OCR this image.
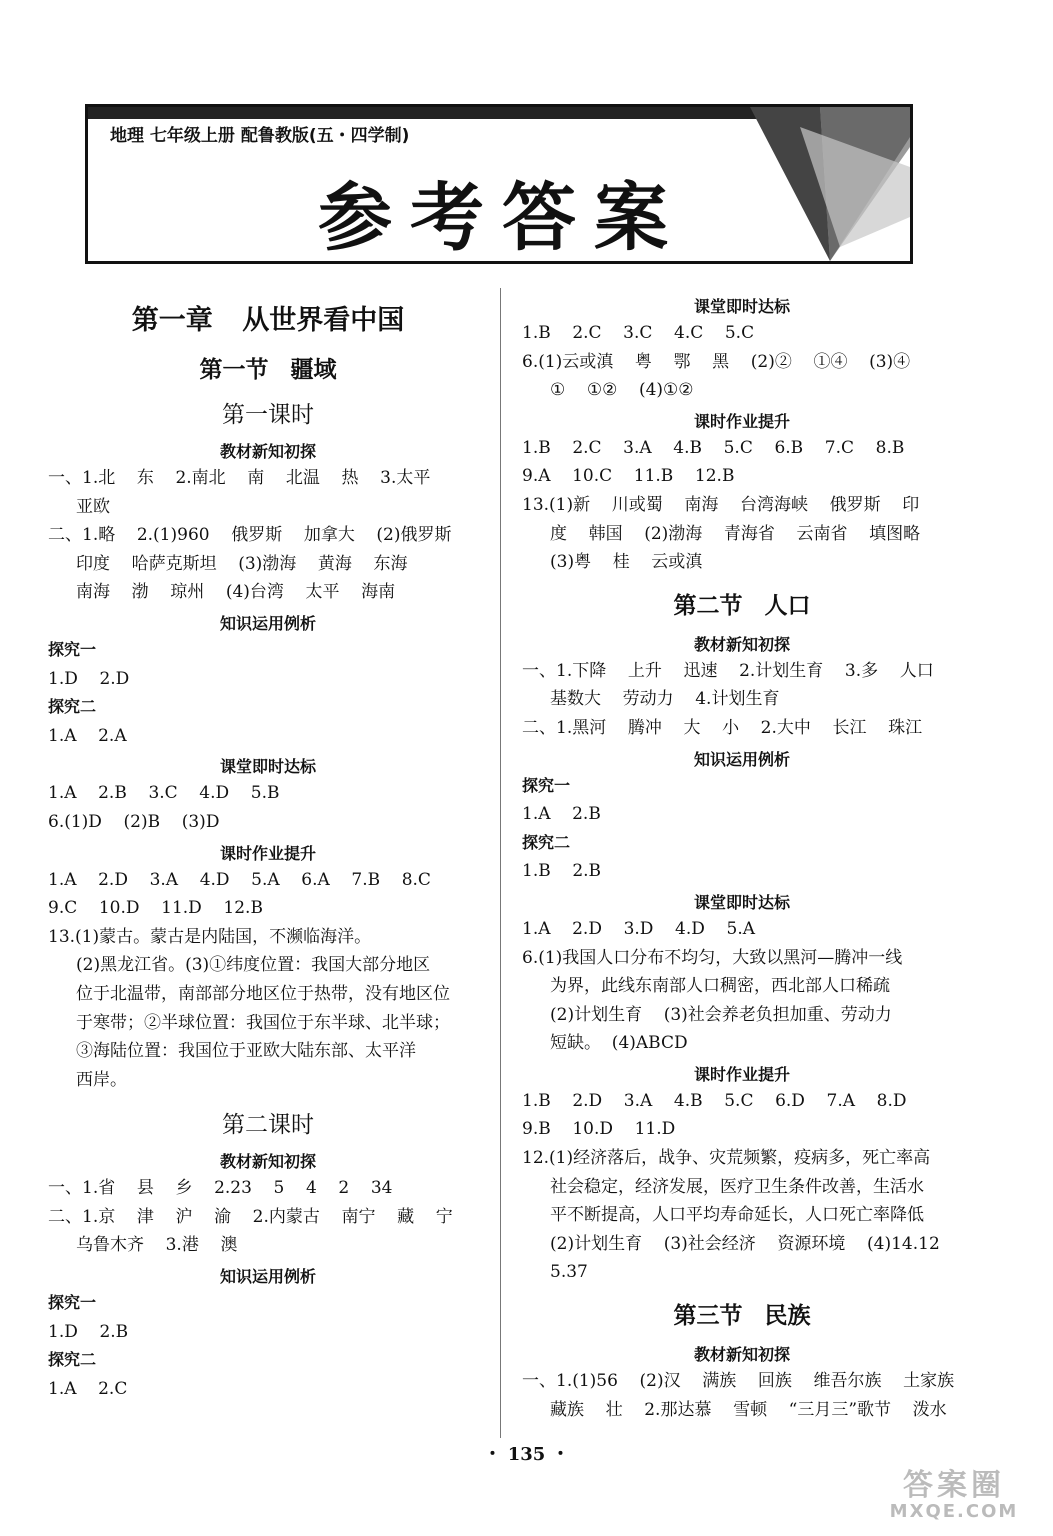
地理 七年级上册 配鲁教版(五・四学制)
参考答案
第一章 从世界看中国
第一节 疆域
第一课时
教材新知初探
一、1.北    东    2.南北    南    北温    热    3.太平
亚欧
二、1.略    2.(1)960    俄罗斯    加拿大    (2)俄罗斯
印度    哈萨克斯坦    (3)渤海    黄海    东海
南海    渤    琼州    (4)台湾    太平    海南
知识运用例析
探究一
1.D    2.D
探究二
1.A    2.A
课堂即时达标
1.A    2.B    3.C    4.D    5.B
6.(1)D    (2)B    (3)D
课时作业提升
1.A    2.D    3.A    4.D    5.A    6.A    7.B    8.C
9.C    10.D    11.D    12.B
13.(1)蒙古。蒙古是内陆国，不濒临海洋。
(2)黑龙江省。(3)①纬度位置：我国大部分地区
位于北温带，南部部分地区位于热带，没有地区位
于寒带；②半球位置：我国位于东半球、北半球；
③海陆位置：我国位于亚欧大陆东部、太平洋
西岸。
第二课时
教材新知初探
一、1.省    县    乡    2.23    5    4    2    34
二、1.京    津    沪    渝    2.内蒙古    南宁    藏    宁
乌鲁木齐    3.港    澳
知识运用例析
探究一
1.D    2.B
探究二
1.A    2.C
课堂即时达标
1.B    2.C    3.C    4.C    5.C
6.(1)云或滇    粤    鄂    黑    (2)②    ①④    (3)④
①    ①②    (4)①②
课时作业提升
1.B    2.C    3.A    4.B    5.C    6.B    7.C    8.B
9.A    10.C    11.B    12.B
13.(1)新    川或蜀    南海    台湾海峡    俄罗斯    印
度    韩国    (2)渤海    青海省    云南省    填图略
(3)粤    桂    云或滇
第二节 人口
教材新知初探
一、1.下降    上升    迅速    2.计划生育    3.多    人口
基数大    劳动力    4.计划生育
二、1.黑河    腾冲    大    小    2.大中    长江    珠江
知识运用例析
探究一
1.A    2.B
探究二
1.B    2.B
课堂即时达标
1.A    2.D    3.D    4.D    5.A
6.(1)我国人口分布不均匀，大致以黑河—腾冲一线
为界，此线东南部人口稠密，西北部人口稀疏
(2)计划生育    (3)社会养老负担加重、劳动力
短缺。  (4)ABCD
课时作业提升
1.B    2.D    3.A    4.B    5.C    6.D    7.A    8.D
9.B    10.D    11.D
12.(1)经济落后，战争、灾荒频繁，疫病多，死亡率高
社会稳定，经济发展，医疗卫生条件改善，生活水
平不断提高，人口平均寿命延长，人口死亡率降低
(2)计划生育    (3)社会经济    资源环境    (4)14.12
5.37
第三节 民族
教材新知初探
一、1.(1)56    (2)汉    满族    回族    维吾尔族    土家族
藏族    壮    2.那达慕    雪顿    “三月三”歌节    泼水
・ 135 ・
答案圈
MXQE.COM
